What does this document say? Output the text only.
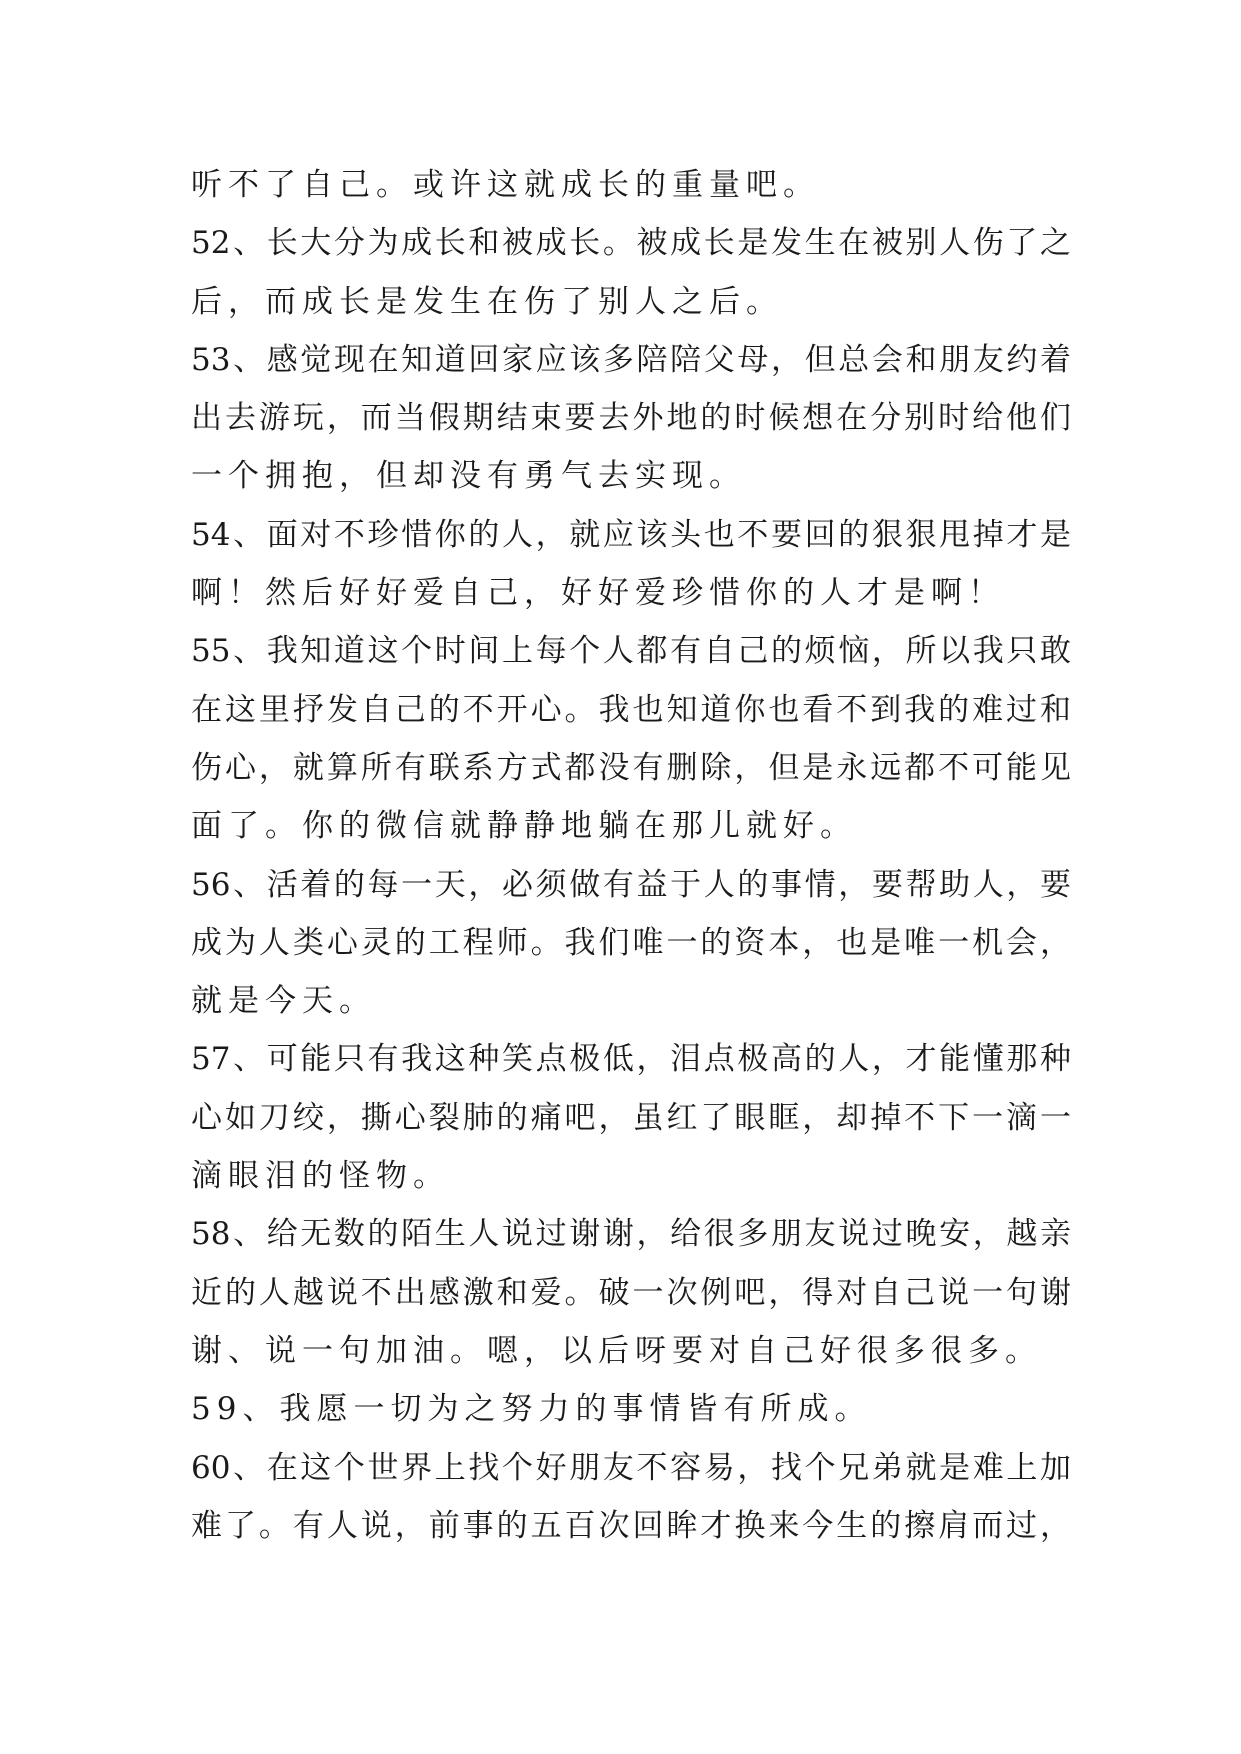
听不了自己。或许这就成长的重量吧。
52、长大分为成长和被成长。被成长是发生在被别人伤了之
后，而成长是发生在伤了别人之后。
53、感觉现在知道回家应该多陪陪父母，但总会和朋友约着
出去游玩，而当假期结束要去外地的时候想在分别时给他们
一个拥抱，但却没有勇气去实现。
54、面对不珍惜你的人，就应该头也不要回的狠狠甩掉才是
啊！然后好好爱自己，好好爱珍惜你的人才是啊！
55、我知道这个时间上每个人都有自己的烦恼，所以我只敢
在这里抒发自己的不开心。我也知道你也看不到我的难过和
伤心，就算所有联系方式都没有删除，但是永远都不可能见
面了。你的微信就静静地躺在那儿就好。
56、活着的每一天，必须做有益于人的事情，要帮助人，要
成为人类心灵的工程师。我们唯一的资本，也是唯一机会，
就是今天。
57、可能只有我这种笑点极低，泪点极高的人，才能懂那种
心如刀绞，撕心裂肺的痛吧，虽红了眼眶，却掉不下一滴一
滴眼泪的怪物。
58、给无数的陌生人说过谢谢，给很多朋友说过晚安，越亲
近的人越说不出感激和爱。破一次例吧，得对自己说一句谢
谢、说一句加油。嗯，以后呀要对自己好很多很多。
59、我愿一切为之努力的事情皆有所成。
60、在这个世界上找个好朋友不容易，找个兄弟就是难上加
难了。有人说，前事的五百次回眸才换来今生的擦肩而过，
